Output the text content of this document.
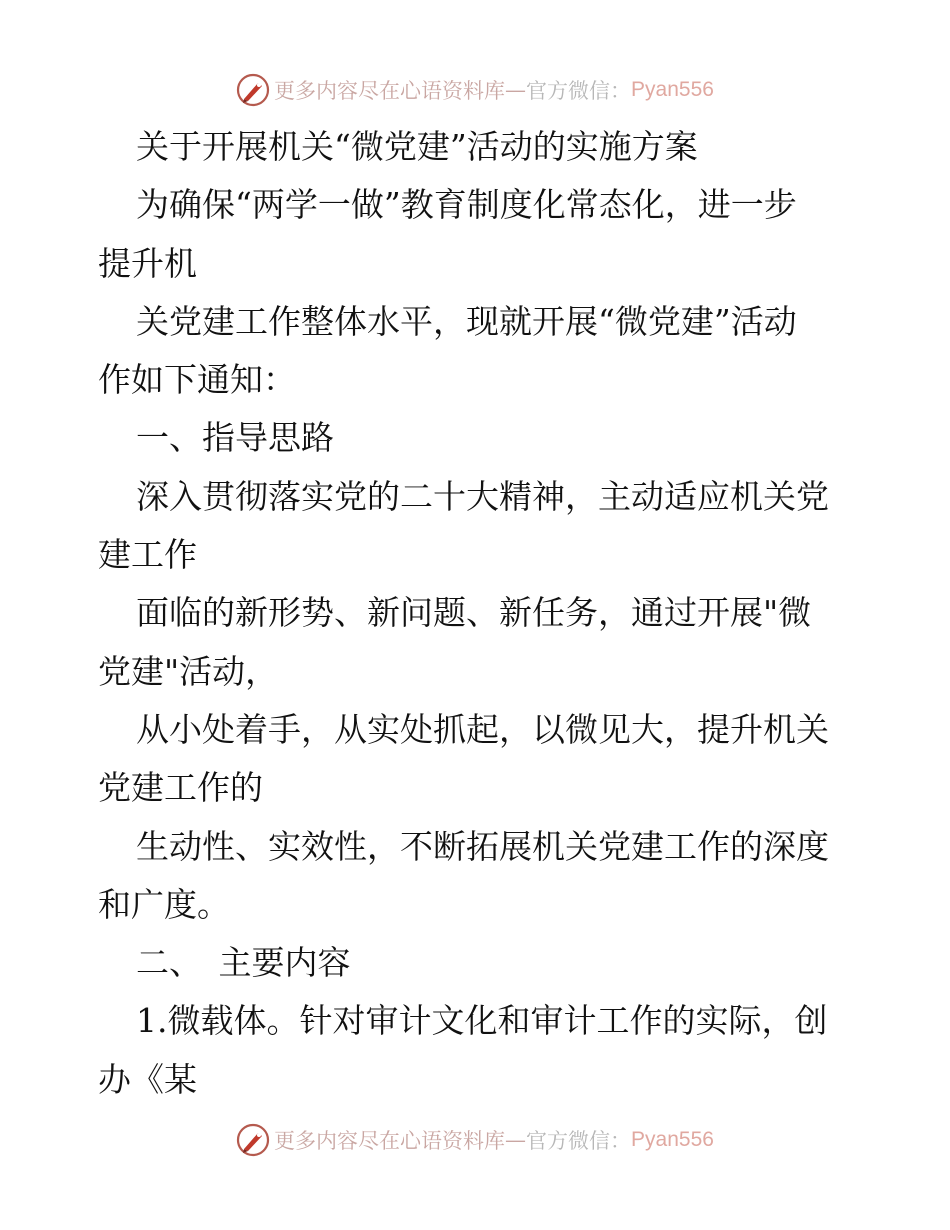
更多内容尽在心语资料库 — 官方微信： Pyan556

关于开展机关“微党建”活动的实施方案

为确保“两学一做”教育制度化常态化，进一步

提升机

关党建工作整体水平，现就开展“微党建”活动

作如下通知：

一、指导思路

深入贯彻落实党的二十大精神，主动适应机关党

建工作

面临的新形势、新问题、新任务，通过开展"微

党建"活动，

从小处着手，从实处抓起，以微见大，提升机关

党建工作的

生动性、实效性，不断拓展机关党建工作的深度

和广度。

二、　主要内容

1.微载体。针对审计文化和审计工作的实际，创

办《某

更多内容尽在心语资料库 — 官方微信： Pyan556
